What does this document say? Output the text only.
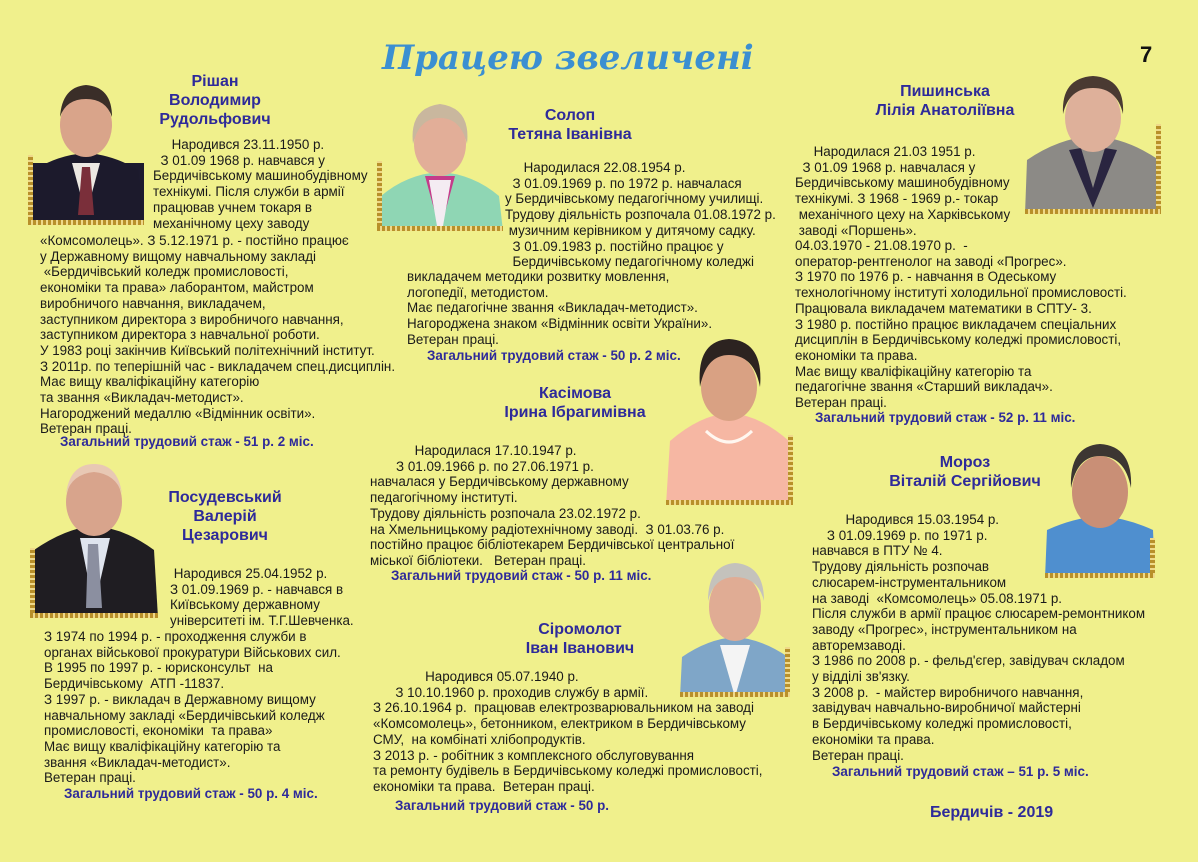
Працею звеличені	7
Рішан
Володимир
Рудольфович
Народився 23.11.1950 р.
З 01.09 1968 р. навчався у
Бердичівському машинобудівному
технікумі. Після служби в армії
працював учнем токаря в
механічному цеху заводу
«Комсомолець». З 5.12.1971 р. - постійно працює
у Державному вищому навчальному закладі
«Бердичівський коледж промисловості,
економіки та права» лаборантом, майстром
виробничого навчання, викладачем,
заступником директора з виробничого навчання,
заступником директора з навчальної роботи.
У 1983 році закінчив Київський політехнічний інститут.
З 2011р. по теперішній час - викладачем спец.дисциплін.
Має вищу кваліфікаційну категорію
та звання «Викладач-методист».
Нагороджений медаллю «Відмінник освіти».
Ветеран праці.
Загальний трудовий стаж - 51 р. 2 міс.
Солоп
Тетяна Іванівна
Народилася 22.08.1954 р.
З 01.09.1969 р. по 1972 р. навчалася
у Бердичівському педагогічному училищі.
Трудову діяльність розпочала 01.08.1972 р.
музичним керівником у дитячому садку.
З 01.09.1983 р. постійно працює у
Бердичівському педагогічному коледжі
викладачем методики розвитку мовлення,
логопедії, методистом.
Має педагогічне звання «Викладач-методист».
Нагороджена знаком «Відмінник освіти України».
Ветеран праці.
Загальний трудовий стаж - 50 р. 2 міс.
Пишинська
Лілія Анатоліївна
Народилася 21.03 1951 р.
З 01.09 1968 р. навчалася у
Бердичівському машинобудівному
технікумі. З 1968 - 1969 р.- токар
механічного цеху на Харківському
заводі «Поршень».
04.03.1970 - 21.08.1970 р.  -
оператор-рентгенолог на заводі «Прогрес».
З 1970 по 1976 р. - навчання в Одеському
технологічному інституті холодильної промисловості.
Працювала викладачем математики в СПТУ- 3.
З 1980 р. постійно працює викладачем спеціальних
дисциплін в Бердичівському коледжі промисловості,
економіки та права.
Має вищу кваліфікаційну категорію та
педагогічне звання «Старший викладач».
Ветеран праці.
Загальний трудовий стаж - 52 р. 11 міс.
Касімова
Ірина Ібрагимівна
Народилася 17.10.1947 р.
З 01.09.1966 р. по 27.06.1971 р.
навчалася у Бердичівському державному
педагогічному інституті.
Трудову діяльність розпочала 23.02.1972 р.
на Хмельницькому радіотехнічному заводі.  З 01.03.76 р.
постійно працює бібліотекарем Бердичівської центральної
міської бібліотеки.   Ветеран праці.
Загальний трудовий стаж - 50 р. 11 міс.
Посудевський
Валерій
Цезарович
Народився 25.04.1952 р.
З 01.09.1969 р. - навчався в
Київському державному
університеті ім. Т.Г.Шевченка.
З 1974 по 1994 р. - проходження служби в
органах військової прокуратури Військових сил.
В 1995 по 1997 р. - юрисконсульт  на
Бердичівському  АТП -11837.
З 1997 р. - викладач в Державному вищому
навчальному закладі «Бердичівський коледж
промисловості, економіки  та права»
Має вищу кваліфікаційну категорію та
звання «Викладач-методист».
Ветеран праці.
Загальний трудовий стаж - 50 р. 4 міс.
Сіромолот
Іван Іванович
Народився 05.07.1940 р.
З 10.10.1960 р. проходив службу в армії.
З 26.10.1964 р.  працював електрозварювальником на заводі
«Комсомолець», бетонником, електриком в Бердичівському
СМУ,  на комбінаті хлібопродуктів.
З 2013 р. - робітник з комплексного обслуговування
та ремонту будівель в Бердичівському коледжі промисловості,
економіки та права.  Ветеран праці.
Загальний трудовий стаж - 50 р.
Мороз
Віталій Сергійович
Народився 15.03.1954 р.
З 01.09.1969 р. по 1971 р.
навчався в ПТУ № 4.
Трудову діяльність розпочав
слюсарем-інструментальником
на заводі  «Комсомолець» 05.08.1971 р.
Після служби в армії працює слюсарем-ремонтником
заводу «Прогрес», інструментальником на
авторемзаводі.
З 1986 по 2008 р. - фельд'єгер, завідувач складом
у відділі зв'язку.
З 2008 р.  - майстер виробничого навчання,
завідувач навчально-виробничої майстерні
в Бердичівському коледжі промисловості,
економіки та права.
Ветеран праці.
Загальний трудовий стаж – 51 р. 5 міс.
Бердичів - 2019
